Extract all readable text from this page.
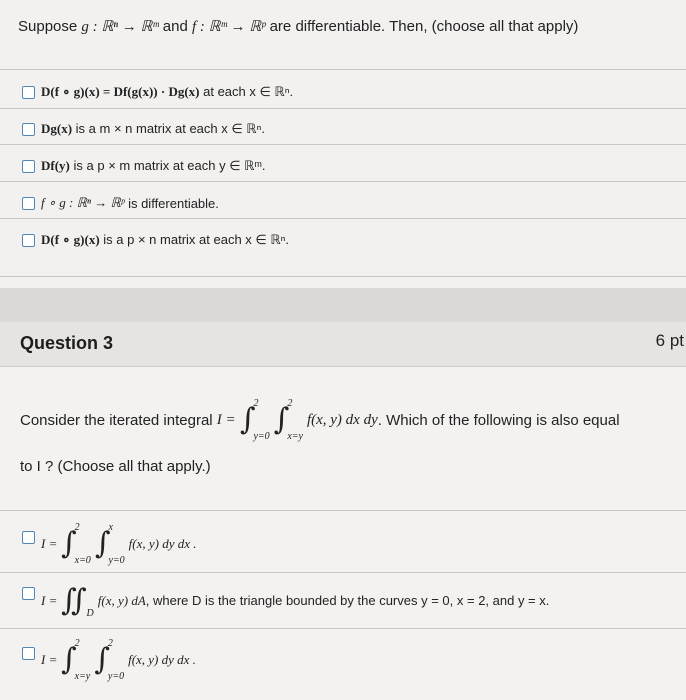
Suppose g : ℝⁿ → ℝᵐ and f : ℝᵐ → ℝᵖ are differentiable. Then, (choose all that apply)
D(f ∘ g)(x) = Df(g(x)) · Dg(x)
at each x ∈ ℝⁿ.
Dg(x)
is a m × n matrix at each x ∈ ℝⁿ.
Df(y)
is a p × m matrix at each y ∈ ℝᵐ.
f ∘ g : ℝⁿ → ℝᵖ
is differentiable.
D(f ∘ g)(x)
is a p × n matrix at each x ∈ ℝⁿ.
Question 3	6 pt
Consider the iterated integral
I =
∫
2
y=0 ∫
2
x=y
f(x, y) dx dy . Which of the following is also equal
to I ? (Choose all that apply.)
I =
∫
2
x=0 ∫
x
y=0
f(x, y) dy dx .
I =
∬ D
f(x, y) dA , where D is the triangle bounded by the curves y = 0, x = 2, and y = x.
I =
∫
2
x=y ∫
2
y=0
f(x, y) dy dx .
